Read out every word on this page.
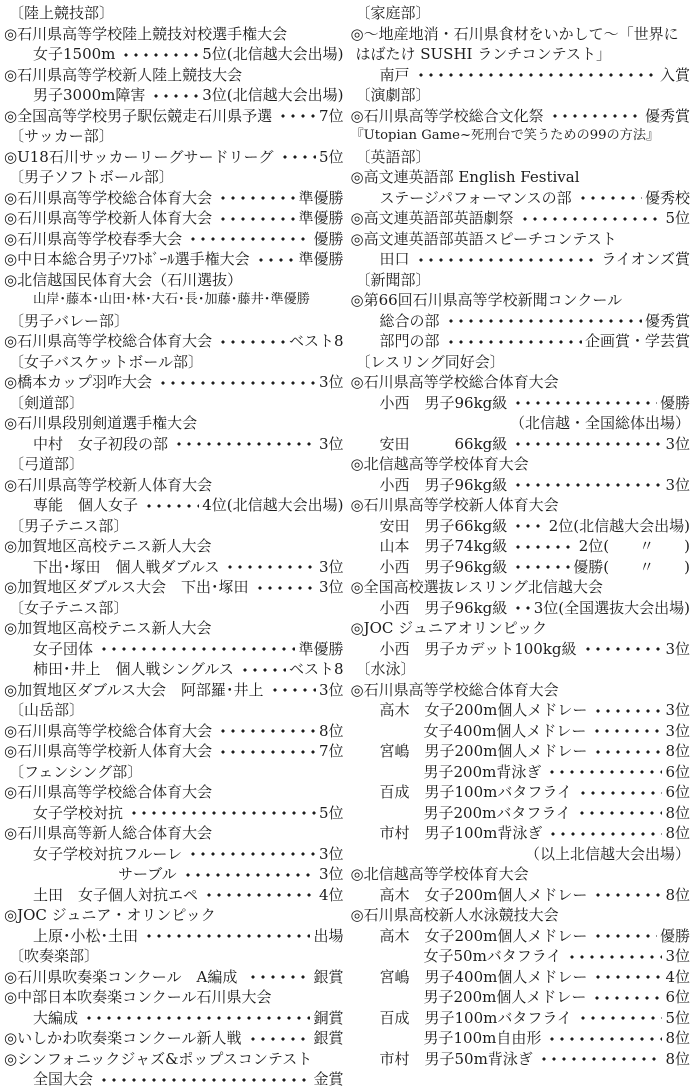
〔陸上競技部〕
◎石川県高等学校陸上競技対校選手権大会
女子1500m	5位(北信越大会出場)
◎石川県高等学校新人陸上競技大会
男子3000m障害	3位(北信越大会出場)
◎全国高等学校男子駅伝競走石川県予選	7位
〔サッカー部〕
◎U18石川サッカーリーグサードリーグ	5位
〔男子ソフトボール部〕
◎石川県高等学校総合体育大会	準優勝
◎石川県高等学校新人体育大会	準優勝
◎石川県高等学校春季大会	優勝
◎中日本総合男子ｿﾌﾄﾎﾞｰﾙ選手権大会	準優勝
◎北信越国民体育大会（石川選抜）
山岸･藤本･山田･林･大石･長･加藤･藤井･準優勝
〔男子バレー部〕
◎石川県高等学校総合体育大会	ベスト8
〔女子バスケットボール部〕
◎橋本カップ羽咋大会	3位
〔剣道部〕
◎石川県段別剣道選手権大会
中村　女子初段の部	3位
〔弓道部〕
◎石川県高等学校新人体育大会
専能　個人女子	4位(北信越大会出場)
〔男子テニス部〕
◎加賀地区高校テニス新人大会
下出･塚田　個人戦ダブルス	3位
◎加賀地区ダブルス大会　下出･塚田	3位
〔女子テニス部〕
◎加賀地区高校テニス新人大会
女子団体	準優勝
柿田･井上　個人戦シングルス	ベスト8
◎加賀地区ダブルス大会　阿部羅･井上	3位
〔山岳部〕
◎石川県高等学校総合体育大会	8位
◎石川県高等学校新人体育大会	7位
〔フェンシング部〕
◎石川県高等学校総合体育大会
女子学校対抗	5位
◎石川県高等新人総合体育大会
女子学校対抗フルーレ	3位
サーブル	3位
土田　女子個人対抗エペ	4位
◎JOC ジュニア・オリンピック
上原･小松･土田	出場
〔吹奏楽部〕
◎石川県吹奏楽コンクール　A編成	銀賞
◎中部日本吹奏楽コンクール石川県大会
大編成	銅賞
◎いしかわ吹奏楽コンクール新人戦	銀賞
◎シンフォニックジャズ&ポップスコンテスト
全国大会	金賞
〔家庭部〕
◎～地産地消・石川県食材をいかして～「世界に
はばたけ SUSHI ランチコンテスト」
南戸	入賞
〔演劇部〕
◎石川県高等学校総合文化祭	優秀賞
『Utopian Game~死刑台で笑うための99の方法』
〔英語部〕
◎高文連英語部 English Festival
ステージパフォーマンスの部	優秀校
◎高文連英語部英語劇祭	5位
◎高文連英語部英語スピーチコンテスト
田口	ライオンズ賞
〔新聞部〕
◎第66回石川県高等学校新聞コンクール
総合の部	優秀賞
部門の部	企画賞・学芸賞
〔レスリング同好会〕
◎石川県高等学校総合体育大会
小西　男子96kg級	優勝
（北信越・全国総体出場）
安田　　　66kg級	3位
◎北信越高等学校体育大会
小西　男子96kg級	3位
◎石川県高等学校新人体育大会
安田　男子66kg級	2位(北信越大会出場)
山本　男子74kg級	2位(　　〃　　)
小西　男子96kg級	優勝(　　〃　　)
◎全国高校選抜レスリング北信越大会
小西　男子96kg級 3位(全国選抜大会出場)
◎JOC ジュニアオリンピック
小西　男子カデット100kg級	3位
〔水泳〕
◎石川県高等学校総合体育大会
高木　女子200m個人メドレー	3位
女子400m個人メドレー	3位
宮嶋　男子200m個人メドレー	8位
男子200m背泳ぎ	6位
百成　男子100mバタフライ	6位
男子200mバタフライ	8位
市村　男子100m背泳ぎ	8位
（以上北信越大会出場）
◎北信越高等学校体育大会
高木　女子200m個人メドレー	8位
◎石川県高校新人水泳競技大会
高木　女子200m個人メドレー	優勝
女子50mバタフライ	3位
宮嶋　男子400m個人メドレー	4位
男子200m個人メドレー	6位
百成　男子100mバタフライ	5位
男子100m自由形	8位
市村　男子50m背泳ぎ	8位
